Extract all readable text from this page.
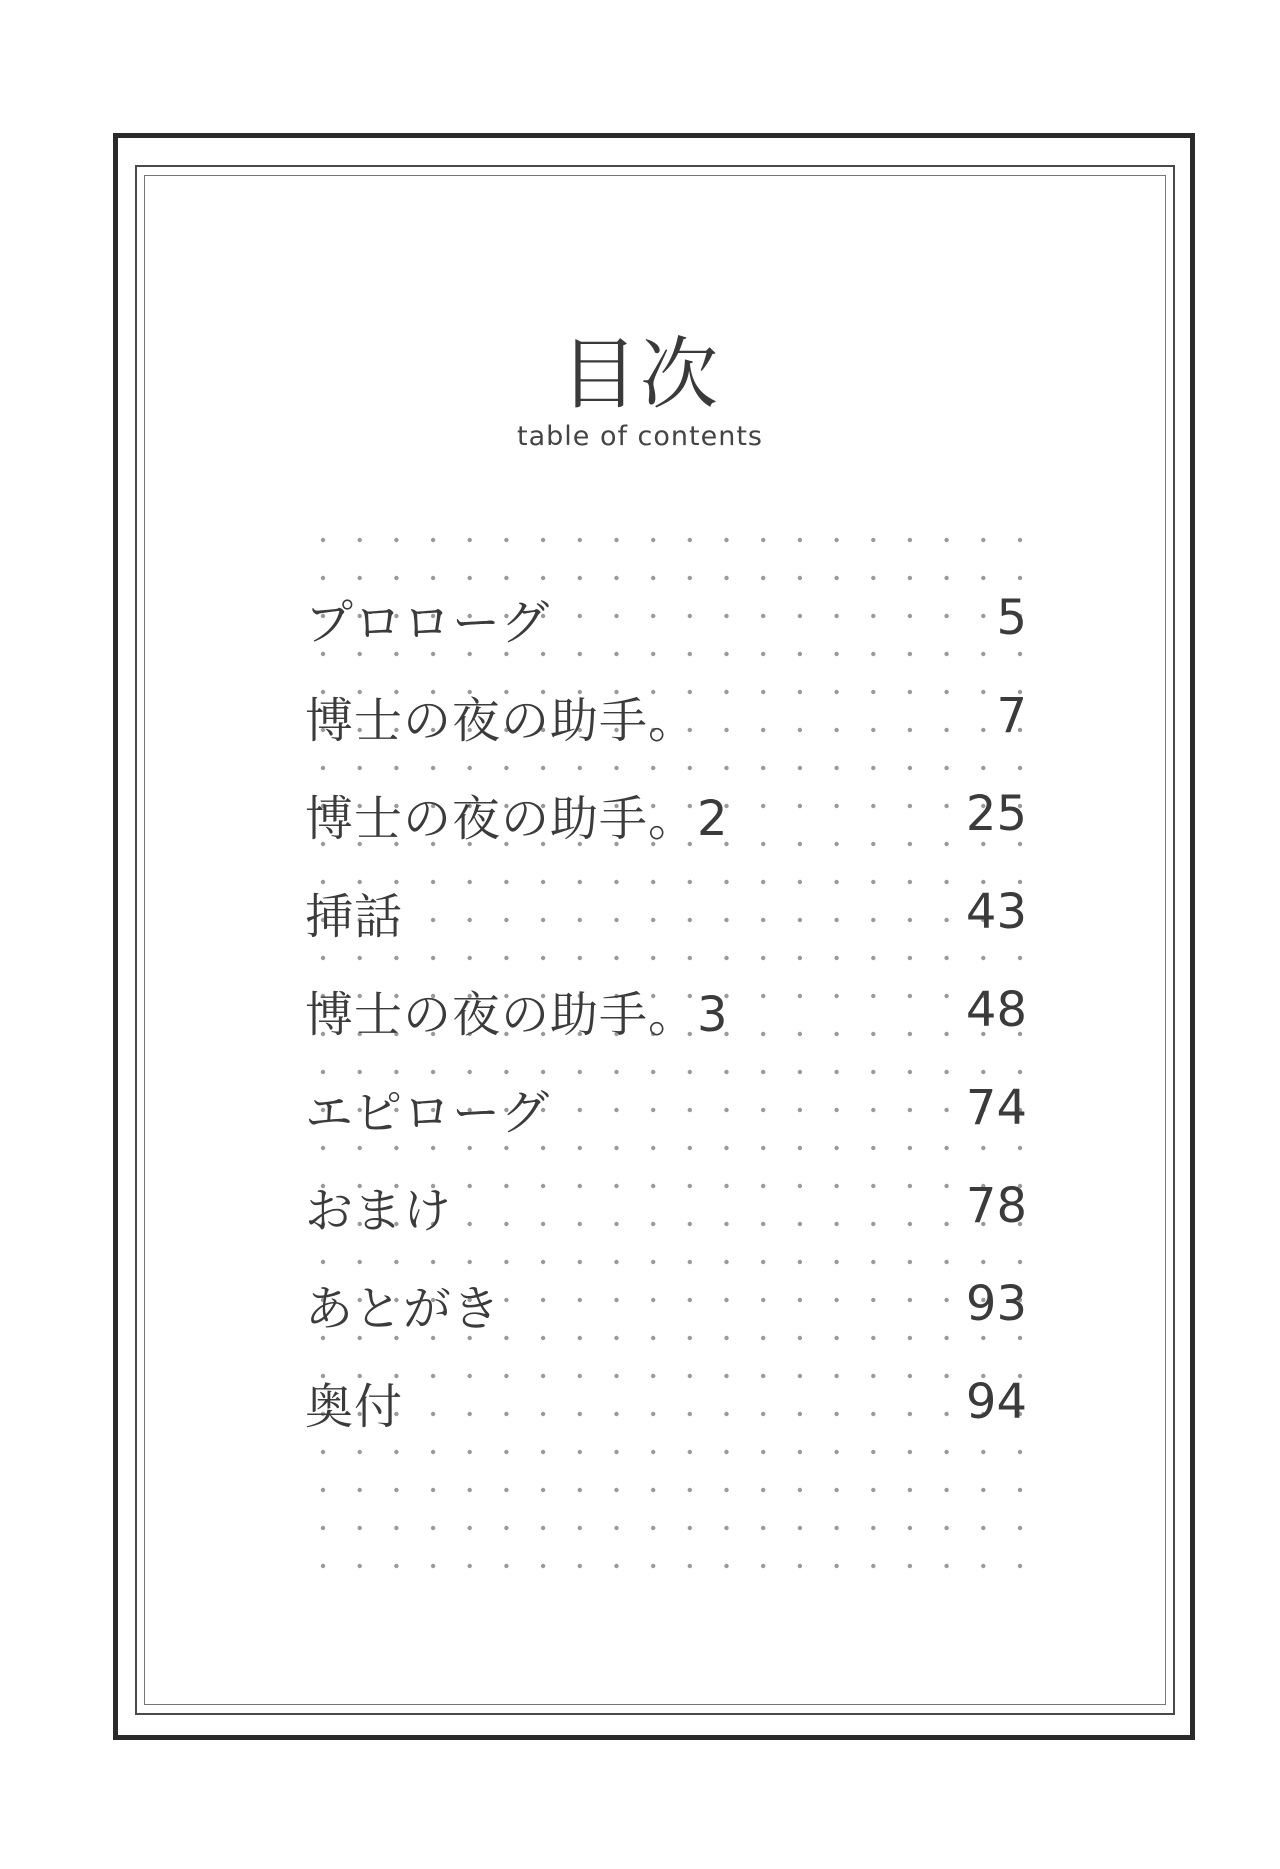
目次
table of contents
プロローグ	5
博士の夜の助手。	7
博士の夜の助手。2	25
挿話	43
博士の夜の助手。3	48
エピローグ	74
おまけ	78
あとがき	93
奥付	94
